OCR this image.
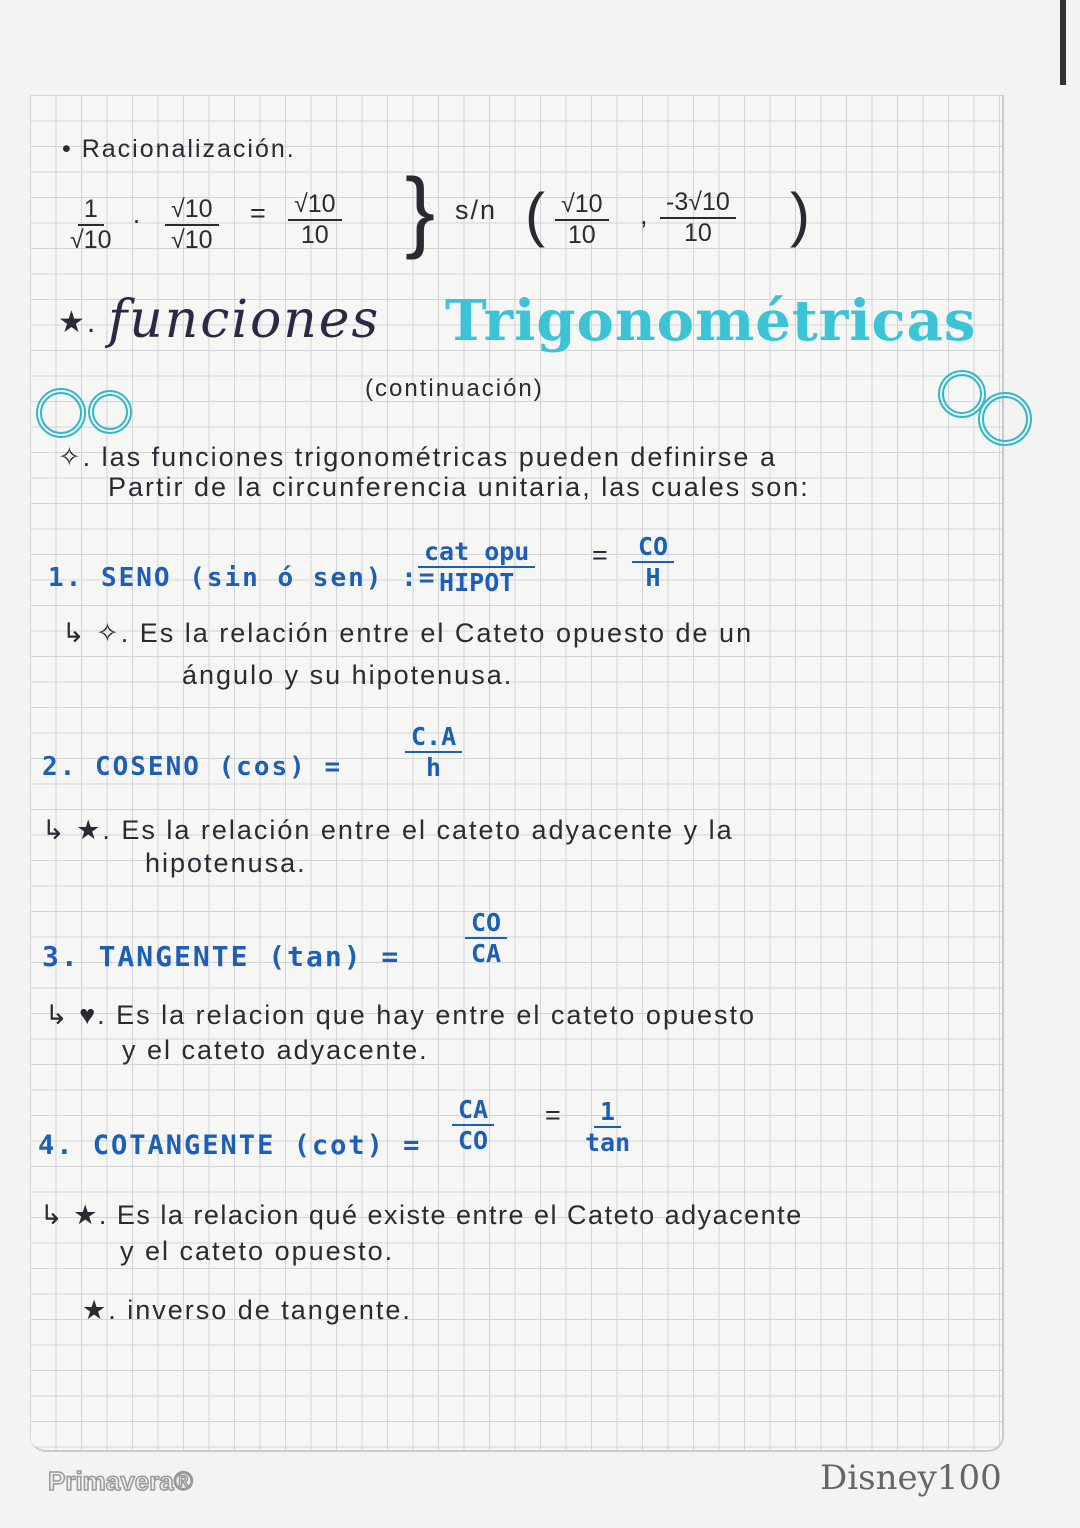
• Racionalización.
$\frac{1}{√10} \cdot \frac{√10}{√10} = \frac{√10}{10}$ } s/n ( $\frac{√10}{10}$ , $\frac{-3√10}{10}$ )
★. funciones Trigonométricas
(continuación)
✧. las funciones trigonométricas pueden definirse a
Partir de la circunferencia unitaria, las cuales son:
1. SENO (sin ó sen) :=
cat opu
HIPOT
= $\frac{CO}{H}$
↳ ✧. Es la relación entre el Cateto opuesto de un
ángulo y su hipotenusa.
2. COSENO (cos) =	$\frac{C.A}{h}$
↳ ★. Es la relación entre el cateto adyacente y la
hipotenusa.
3. TANGENTE (tan) =	$\frac{CO}{CA}$
↳ ♥. Es la relacion que hay entre el cateto opuesto
y el cateto adyacente.
4. COTANGENTE $(\cot) = \frac{CA}{CO} = \frac{1}{\tan}$
↳ ★. Es la relacion qué existe entre el Cateto adyacente
y el cateto opuesto.
★. inverso de tangente.
Primavera®	Disney100
